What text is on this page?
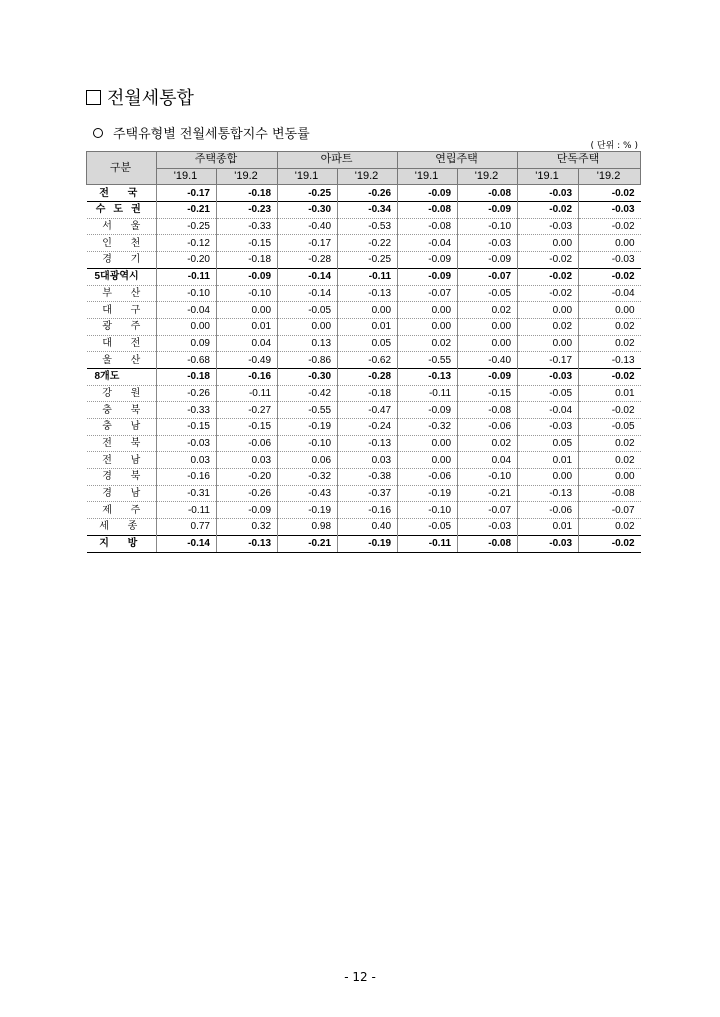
전월세통합
주택유형별 전월세통합지수 변동률
( 단위 : % )
구분	주택종합		아파트		연립주택		단독주택	
	'19.1	'19.2	'19.1	'19.2	'19.1	'19.2	'19.1	'19.2
전 국	-0.17	-0.18	-0.25	-0.26	-0.09	-0.08	-0.03	-0.02
수도권	-0.21	-0.23	-0.30	-0.34	-0.08	-0.09	-0.02	-0.03
서 울	-0.25	-0.33	-0.40	-0.53	-0.08	-0.10	-0.03	-0.02
인 천	-0.12	-0.15	-0.17	-0.22	-0.04	-0.03	0.00	0.00
경 기	-0.20	-0.18	-0.28	-0.25	-0.09	-0.09	-0.02	-0.03
5대광역시	-0.11	-0.09	-0.14	-0.11	-0.09	-0.07	-0.02	-0.02
부 산	-0.10	-0.10	-0.14	-0.13	-0.07	-0.05	-0.02	-0.04
대 구	-0.04	0.00	-0.05	0.00	0.00	0.02	0.00	0.00
광 주	0.00	0.01	0.00	0.01	0.00	0.00	0.02	0.02
대 전	0.09	0.04	0.13	0.05	0.02	0.00	0.00	0.02
울 산	-0.68	-0.49	-0.86	-0.62	-0.55	-0.40	-0.17	-0.13
8개도	-0.18	-0.16	-0.30	-0.28	-0.13	-0.09	-0.03	-0.02
강 원	-0.26	-0.11	-0.42	-0.18	-0.11	-0.15	-0.05	0.01
충 북	-0.33	-0.27	-0.55	-0.47	-0.09	-0.08	-0.04	-0.02
충 남	-0.15	-0.15	-0.19	-0.24	-0.32	-0.06	-0.03	-0.05
전 북	-0.03	-0.06	-0.10	-0.13	0.00	0.02	0.05	0.02
전 남	0.03	0.03	0.06	0.03	0.00	0.04	0.01	0.02
경 북	-0.16	-0.20	-0.32	-0.38	-0.06	-0.10	0.00	0.00
경 남	-0.31	-0.26	-0.43	-0.37	-0.19	-0.21	-0.13	-0.08
제 주	-0.11	-0.09	-0.19	-0.16	-0.10	-0.07	-0.06	-0.07
세 종	0.77	0.32	0.98	0.40	-0.05	-0.03	0.01	0.02
지 방	-0.14	-0.13	-0.21	-0.19	-0.11	-0.08	-0.03	-0.02
- 12 -
